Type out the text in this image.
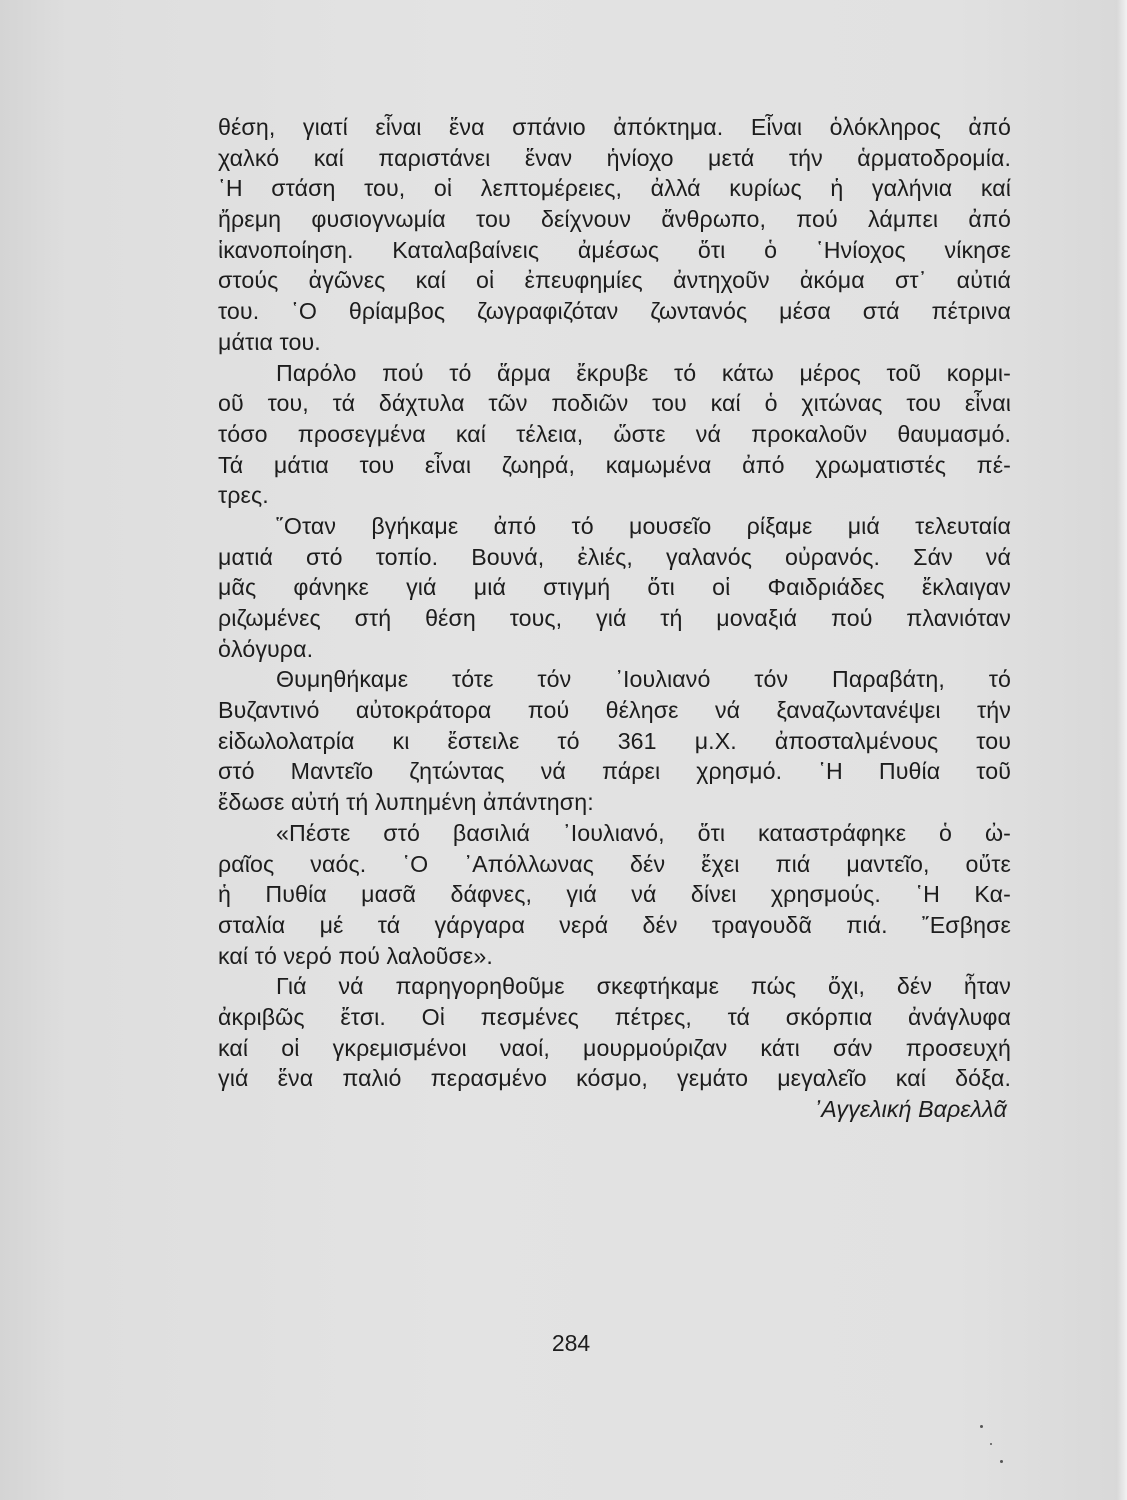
θέση, γιατί εἶναι ἕνα σπάνιο ἀπόκτημα. Εἶναι ὁλόκληρος ἀπό
χαλκό καί παριστάνει ἕναν ἡνίοχο μετά τήν ἁρματοδρομία.
῾Η στάση του, οἱ λεπτομέρειες, ἀλλά κυρίως ἡ γαλήνια καί
ἤρεμη φυσιογνωμία του δείχνουν ἄνθρωπο, πού λάμπει ἀπό
ἱκανοποίηση. Καταλαβαίνεις ἀμέσως ὅτι ὁ ῾Ηνίοχος νίκησε
στούς ἀγῶνες καί οἱ ἐπευφημίες ἀντηχοῦν ἀκόμα στ᾽ αὐτιά
του. ῾Ο θρίαμβος ζωγραφιζόταν ζωντανός μέσα στά πέτρινα
μάτια του.
Παρόλο πού τό ἅρμα ἔκρυβε τό κάτω μέρος τοῦ κορμι-
οῦ του, τά δάχτυλα τῶν ποδιῶν του καί ὁ χιτώνας του εἶναι
τόσο προσεγμένα καί τέλεια, ὥστε νά προκαλοῦν θαυμασμό.
Τά μάτια του εἶναι ζωηρά, καμωμένα ἀπό χρωματιστές πέ-
τρες.
῞Οταν βγήκαμε ἀπό τό μουσεῖο ρίξαμε μιά τελευταία
ματιά στό τοπίο. Βουνά, ἐλιές, γαλανός οὐρανός. Σάν νά
μᾶς φάνηκε γιά μιά στιγμή ὅτι οἱ Φαιδριάδες ἔκλαιγαν
ριζωμένες στή θέση τους, γιά τή μοναξιά πού πλανιόταν
ὁλόγυρα.
Θυμηθήκαμε τότε τόν ᾽Ιουλιανό τόν Παραβάτη, τό
Βυζαντινό αὐτοκράτορα πού θέλησε νά ξαναζωντανέψει τήν
εἰδωλολατρία κι ἔστειλε τό 361 μ.Χ. ἀποσταλμένους του
στό Μαντεῖο ζητώντας νά πάρει χρησμό. ῾Η Πυθία τοῦ
ἔδωσε αὐτή τή λυπημένη ἀπάντηση:
«Πέστε στό βασιλιά ᾽Ιουλιανό, ὅτι καταστράφηκε ὁ ὠ-
ραῖος ναός. ῾Ο ᾽Απόλλωνας δέν ἔχει πιά μαντεῖο, οὔτε
ἡ Πυθία μασᾶ δάφνες, γιά νά δίνει χρησμούς. ῾Η Κα-
σταλία μέ τά γάργαρα νερά δέν τραγουδᾶ πιά. ῎Εσβησε
καί τό νερό πού λαλοῦσε».
Γιά νά παρηγορηθοῦμε σκεφτήκαμε πώς ὄχι, δέν ἦταν
ἀκριβῶς ἔτσι. Οἱ πεσμένες πέτρες, τά σκόρπια ἀνάγλυφα
καί οἱ γκρεμισμένοι ναοί, μουρμούριζαν κάτι σάν προσευχή
γιά ἕνα παλιό περασμένο κόσμο, γεμάτο μεγαλεῖο καί δόξα.
᾽Αγγελική Βαρελλᾶ
284
